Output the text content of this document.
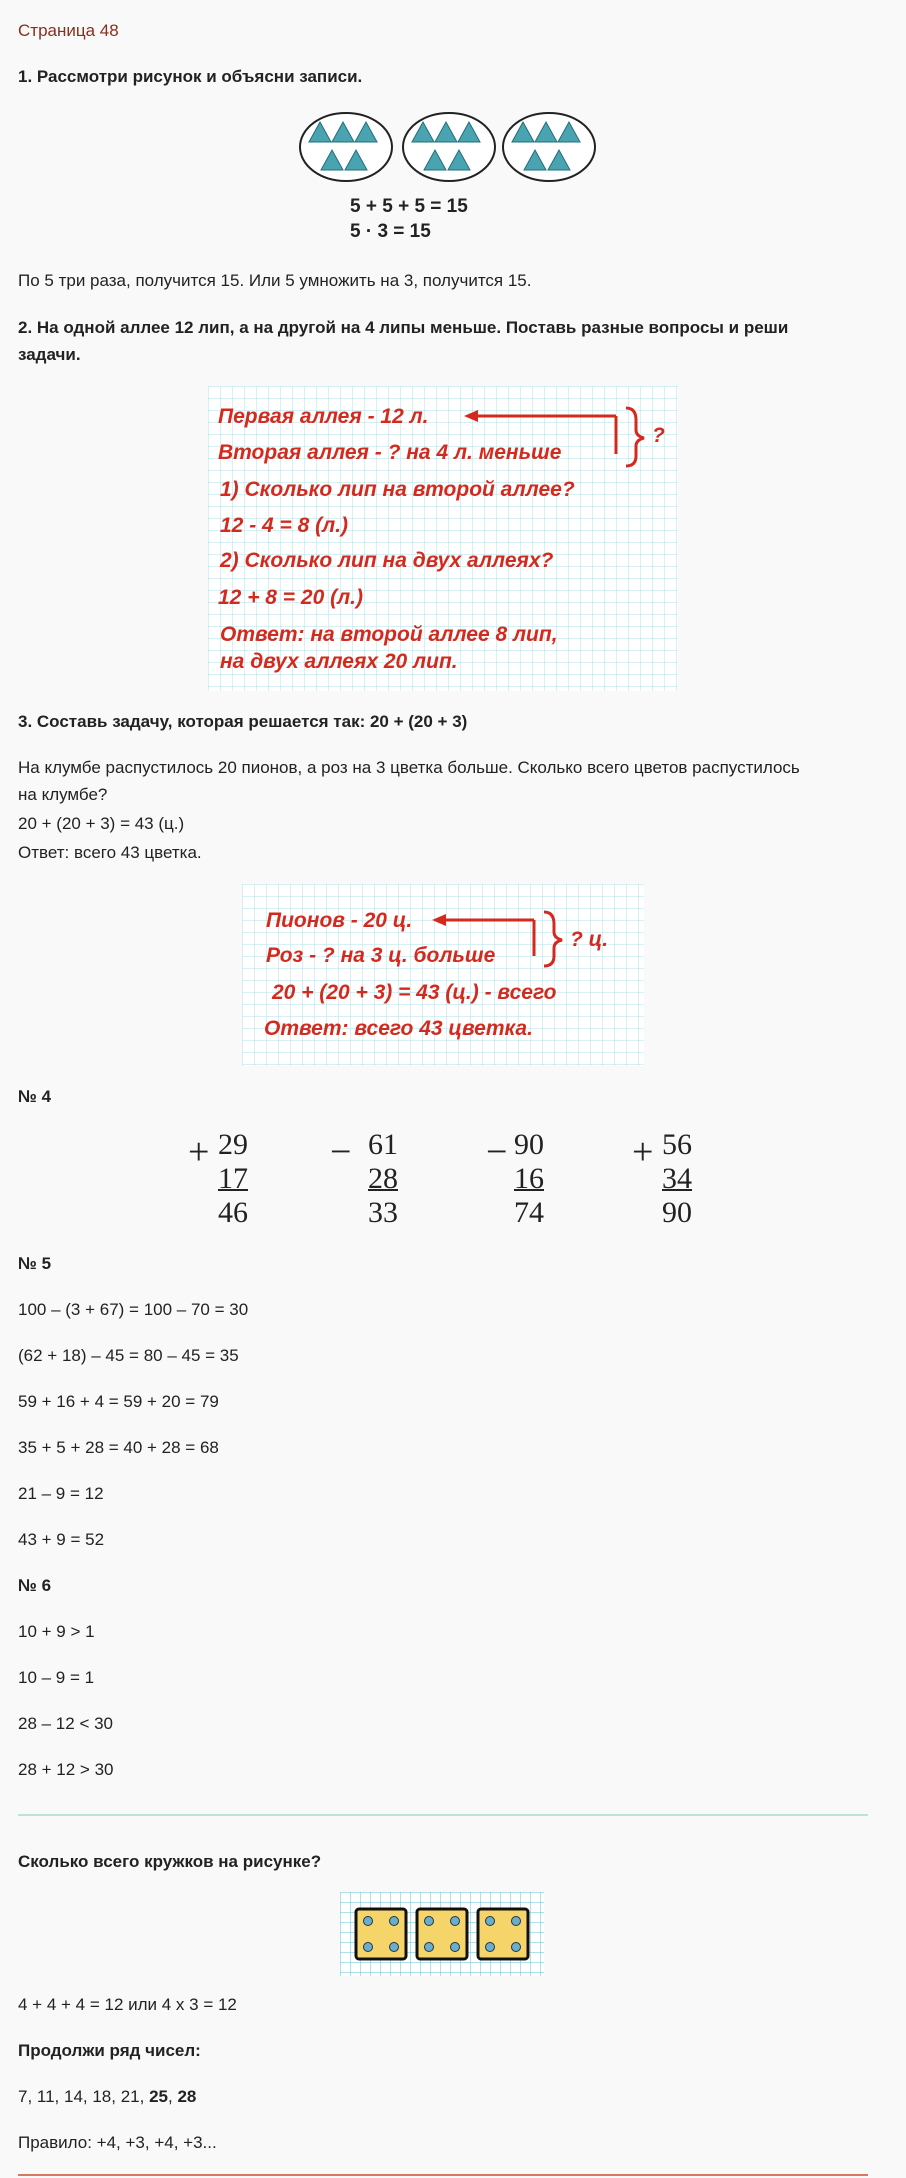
Страница 48
1. Рассмотри рисунок и объясни записи.
5 + 5 + 5 = 15
5 · 3 = 15
По 5 три раза, получится 15. Или 5 умножить на 3, получится 15.
2. На одной аллее 12 лип, а на другой на 4 липы меньше. Поставь разные вопросы и реши
задачи.
Первая аллея - 12 л.
Вторая аллея - ? на 4 л. меньше
?
1) Сколько лип на второй аллее?
12 - 4 = 8 (л.)
2) Сколько лип на двух аллеях?
12 + 8 = 20 (л.)
Ответ: на второй аллее 8 лип,
на двух аллеях 20 лип.
3. Составь задачу, которая решается так: 20 + (20 + 3)
На клумбе распустилось 20 пионов, а роз на 3 цветка больше. Сколько всего цветов распустилось
на клумбе?
20 + (20 + 3) = 43 (ц.)
Ответ: всего 43 цветка.
Пионов - 20 ц.
Роз - ? на 3 ц. больше
? ц.
20 + (20 + 3) = 43 (ц.) - всего
Ответ: всего 43 цветка.
№ 4
+ 29
17
46
− 61
28
33
− 90
16
74
+ 56
34
90
№ 5
100 – (3 + 67) = 100 – 70 = 30
(62 + 18) – 45 = 80 – 45 = 35
59 + 16 + 4 = 59 + 20 = 79
35 + 5 + 28 = 40 + 28 = 68
21 – 9 = 12
43 + 9 = 52
№ 6
10 + 9 > 1
10 – 9 = 1
28 – 12 < 30
28 + 12 > 30
Сколько всего кружков на рисунке?
4 + 4 + 4 = 12 или 4 х 3 = 12
Продолжи ряд чисел:
7, 11, 14, 18, 21, 25, 28
Правило: +4, +3, +4, +3...
